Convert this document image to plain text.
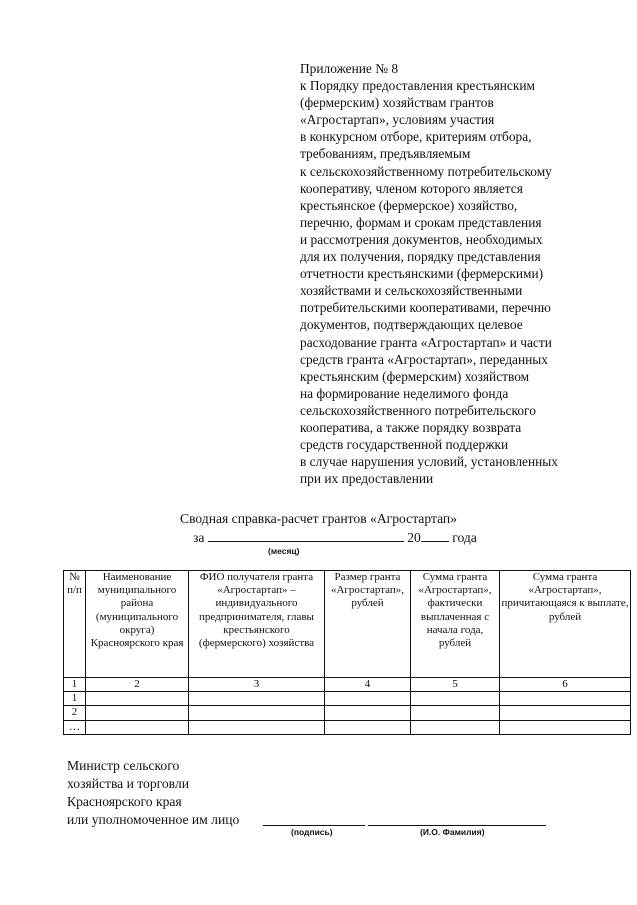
Приложение № 8
к Порядку предоставления крестьянским
(фермерским) хозяйствам грантов
«Агростартап», условиям участия
в конкурсном отборе, критериям отбора,
требованиям, предъявляемым
к сельскохозяйственному потребительскому
кооперативу, членом которого является
крестьянское (фермерское) хозяйство,
перечню, формам и срокам представления
и рассмотрения документов, необходимых
для их получения, порядку представления
отчетности крестьянскими (фермерскими)
хозяйствами и сельскохозяйственными
потребительскими кооперативами, перечню
документов, подтверждающих целевое
расходование гранта «Агростартап» и части
средств гранта «Агростартап», переданных
крестьянским (фермерским) хозяйством
на формирование неделимого фонда
сельскохозяйственного потребительского
кооператива, а также порядку возврата
средств государственной поддержки
в случае нарушения условий, установленных
при их предоставлении
Сводная справка-расчет грантов «Агростартап»
за	20 года
(месяц)
№ п/п	Наименование муниципального района (муниципального округа) Красноярского края	ФИО получателя гранта «Агростартап» – индивидуального предпринимателя, главы крестьянского (фермерского) хозяйства	Размер гранта «Агростартап», рублей	Сумма гранта «Агростартап», фактически выплаченная с начала года, рублей	Сумма гранта «Агростартап», причитающаяся к выплате, рублей
1	2	3	4	5	6
1					
2					
…					
Министр сельского
хозяйства и торговли
Красноярского края
или уполномоченное им лицо
(подпись)	(И.О. Фамилия)
